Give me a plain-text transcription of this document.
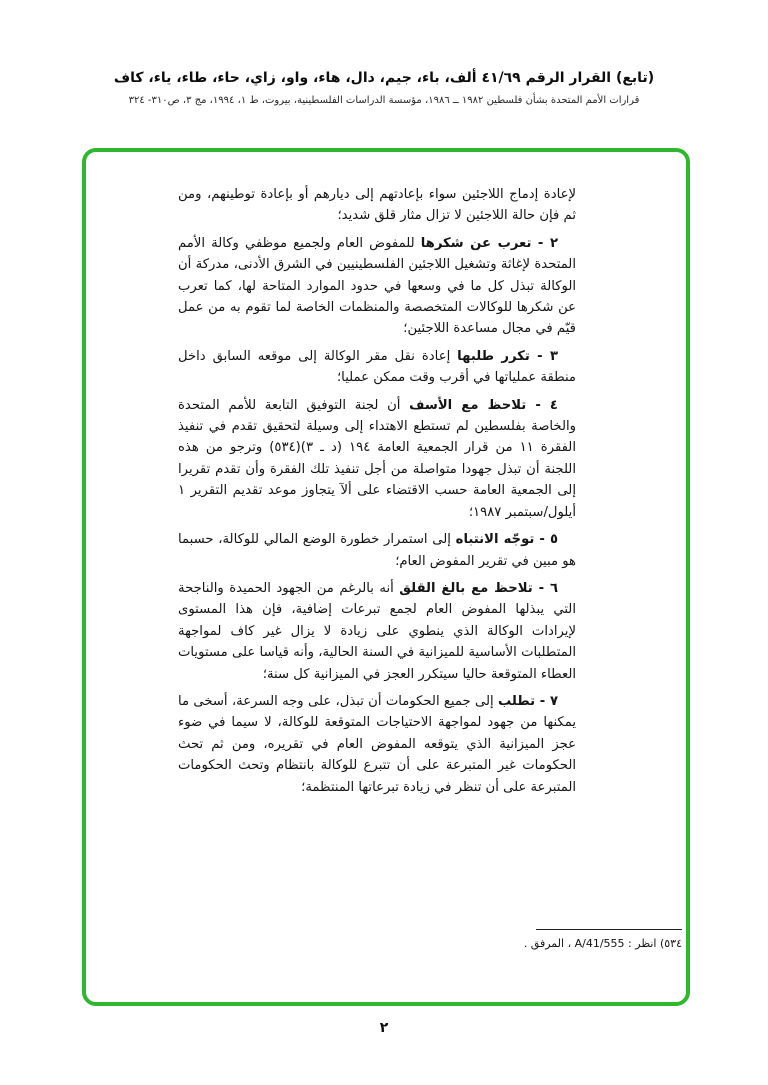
(تابع) القرار الرقم ٤١/٦٩ ألف، باء، جيم، دال، هاء، واو، زاي، حاء، طاء، ياء، كاف
قرارات الأمم المتحدة بشأن فلسطين ١٩٨٢ ــ ١٩٨٦، مؤسسة الدراسات الفلسطينية، بيروت، ط ١، ١٩٩٤، مج ٣، ص٣١٠- ٣٢٤

لإعادة إدماج اللاجئين سواء بإعادتهم إلى ديارهم أو بإعادة توطينهم، ومن ثم فإن حالة اللاجئين لا تزال مثار قلق شديد؛

٢ - تعرب عن شكرها للمفوض العام ولجميع موظفي وكالة الأمم المتحدة لإغاثة وتشغيل اللاجئين الفلسطينيين في الشرق الأدنى، مدركة أن الوكالة تبذل كل ما في وسعها في حدود الموارد المتاحة لها، كما تعرب عن شكرها للوكالات المتخصصة والمنظمات الخاصة لما تقوم به من عمل قيّم في مجال مساعدة اللاجئين؛

٣ - تكرر طلبها إعادة نقل مقر الوكالة إلى موقعه السابق داخل منطقة عملياتها في أقرب وقت ممكن عمليا؛

٤ - تلاحظ مع الأسف أن لجنة التوفيق التابعة للأمم المتحدة والخاصة بفلسطين لم تستطع الاهتداء إلى وسيلة لتحقيق تقدم في تنفيذ الفقرة ١١ من قرار الجمعية العامة ١٩٤ (د ـ ٣)(٥٣٤) وترجو من هذه اللجنة أن تبذل جهودا متواصلة من أجل تنفيذ تلك الفقرة وأن تقدم تقريرا إلى الجمعية العامة حسب الاقتضاء على ألآ يتجاوز موعد تقديم التقرير ١ أيلول/سبتمبر ١٩٨٧؛

٥ - توجّه الانتباه إلى استمرار خطورة الوضع المالي للوكالة، حسبما هو مبين في تقرير المفوض العام؛

٦ - تلاحظ مع بالغ القلق أنه بالرغم من الجهود الحميدة والناجحة التي يبذلها المفوض العام لجمع تبرعات إضافية، فإن هذا المستوى لإيرادات الوكالة الذي ينطوي على زيادة لا يزال غير كاف لمواجهة المتطلبات الأساسية للميزانية في السنة الحالية، وأنه قياسا على مستويات العطاء المتوقعة حاليا سيتكرر العجز في الميزانية كل سنة؛

٧ - تطلب إلى جميع الحكومات أن تبذل، على وجه السرعة، أسخى ما يمكنها من جهود لمواجهة الاحتياجات المتوقعة للوكالة، لا سيما في ضوء عجز الميزانية الذي يتوقعه المفوض العام في تقريره، ومن ثم تحث الحكومات غير المتبرعة على أن تتبرع للوكالة بانتظام وتحث الحكومات المتبرعة على أن تنظر في زيادة تبرعاتها المنتظمة؛

٥٣٤) انظر : A/41/555 ، المرفق .
٢
